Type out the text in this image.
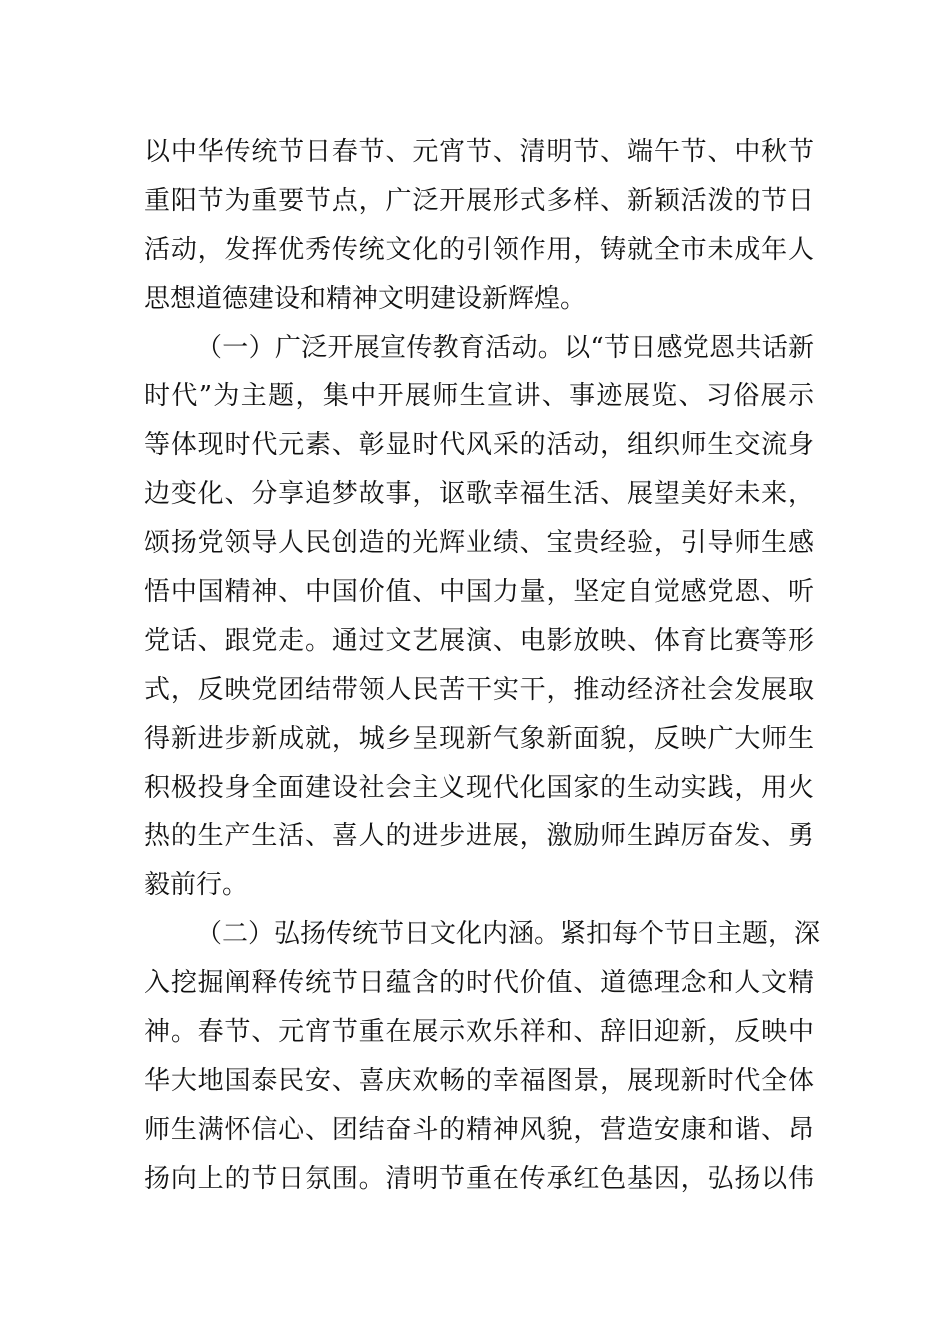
以中华传统节日春节、元宵节、清明节、端午节、中秋节
重阳节为重要节点，广泛开展形式多样、新颖活泼的节日
活动，发挥优秀传统文化的引领作用，铸就全市未成年人
思想道德建设和精神文明建设新辉煌。
（一）广泛开展宣传教育活动。以“节日感党恩共话新
时代”为主题，集中开展师生宣讲、事迹展览、习俗展示
等体现时代元素、彰显时代风采的活动，组织师生交流身
边变化、分享追梦故事，讴歌幸福生活、展望美好未来，
颂扬党领导人民创造的光辉业绩、宝贵经验，引导师生感
悟中国精神、中国价值、中国力量，坚定自觉感党恩、听
党话、跟党走。通过文艺展演、电影放映、体育比赛等形
式，反映党团结带领人民苦干实干，推动经济社会发展取
得新进步新成就，城乡呈现新气象新面貌，反映广大师生
积极投身全面建设社会主义现代化国家的生动实践，用火
热的生产生活、喜人的进步进展，激励师生踔厉奋发、勇
毅前行。
（二）弘扬传统节日文化内涵。紧扣每个节日主题，深
入挖掘阐释传统节日蕴含的时代价值、道德理念和人文精
神。春节、元宵节重在展示欢乐祥和、辞旧迎新，反映中
华大地国泰民安、喜庆欢畅的幸福图景，展现新时代全体
师生满怀信心、团结奋斗的精神风貌，营造安康和谐、昂
扬向上的节日氛围。清明节重在传承红色基因，弘扬以伟
